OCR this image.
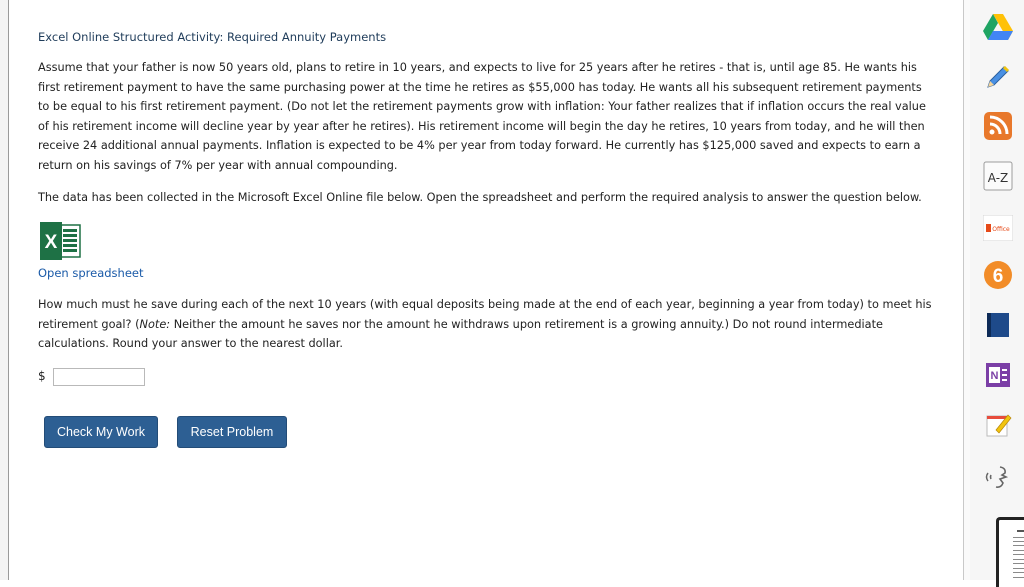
Excel Online Structured Activity: Required Annuity Payments
Assume that your father is now 50 years old, plans to retire in 10 years, and expects to live for 25 years after he retires - that is, until age 85. He wants his first retirement payment to have the same purchasing power at the time he retires as $55,000 has today. He wants all his subsequent retirement payments to be equal to his first retirement payment. (Do not let the retirement payments grow with inflation: Your father realizes that if inflation occurs the real value of his retirement income will decline year by year after he retires). His retirement income will begin the day he retires, 10 years from today, and he will then receive 24 additional annual payments. Inflation is expected to be 4% per year from today forward. He currently has $125,000 saved and expects to earn a return on his savings of 7% per year with annual compounding.
The data has been collected in the Microsoft Excel Online file below. Open the spreadsheet and perform the required analysis to answer the question below.
X
Open spreadsheet
How much must he save during each of the next 10 years (with equal deposits being made at the end of each year, beginning a year from today) to meet his retirement goal? (Note: Neither the amount he saves nor the amount he withdraws upon retirement is a growing annuity.) Do not round intermediate calculations. Round your answer to the nearest dollar.
$
Check My Work	Reset Problem
A-Z
Office
6
N
